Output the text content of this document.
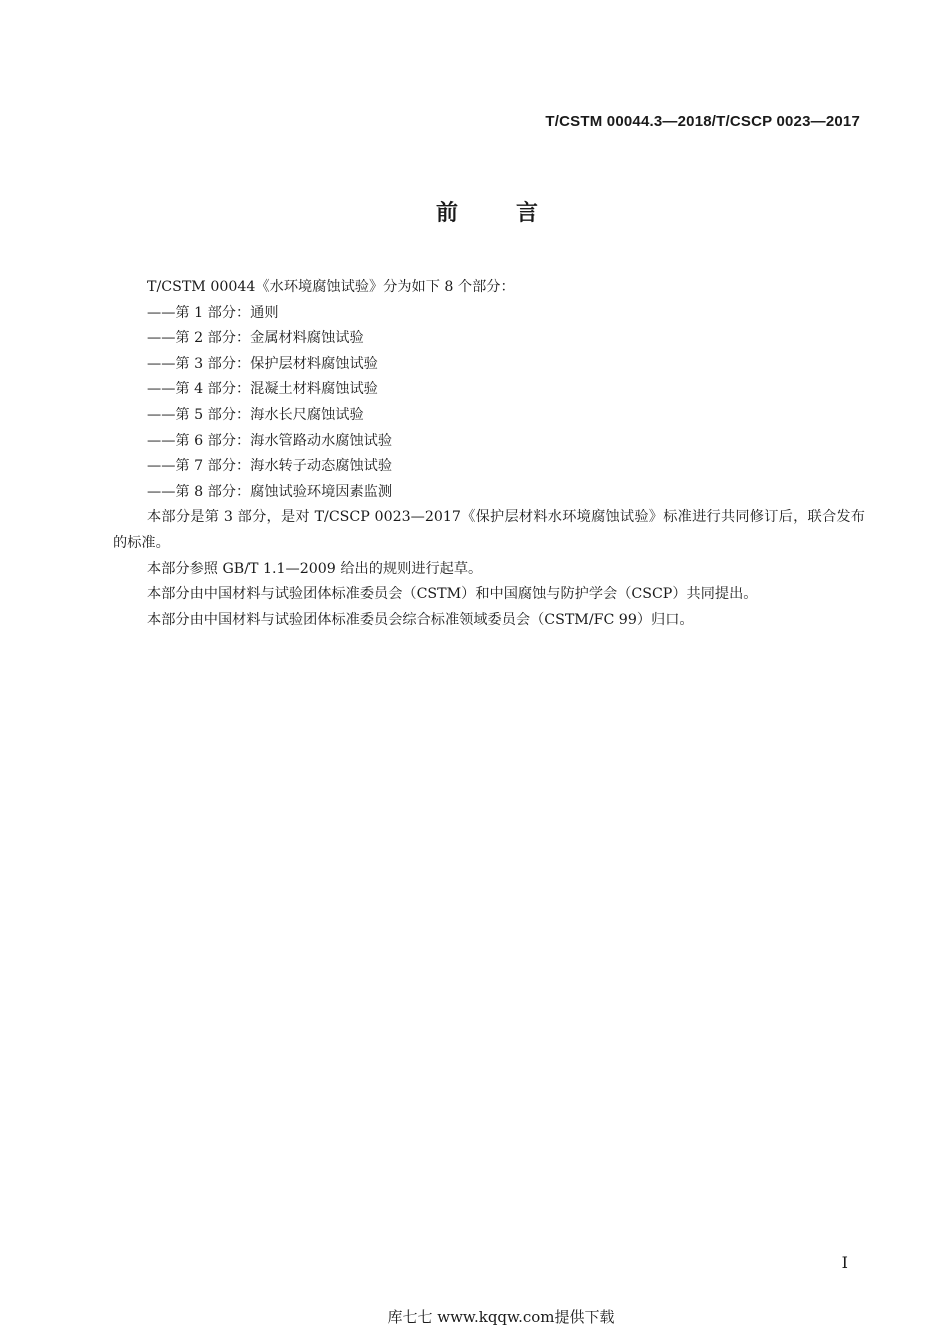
T/CSTM 00044.3—2018/T/CSCP 0023—2017
前言

T/CSTM 00044《水环境腐蚀试验》分为如下 8 个部分：

——第 1 部分：通则

——第 2 部分：金属材料腐蚀试验

——第 3 部分：保护层材料腐蚀试验

——第 4 部分：混凝土材料腐蚀试验

——第 5 部分：海水长尺腐蚀试验

——第 6 部分：海水管路动水腐蚀试验

——第 7 部分：海水转子动态腐蚀试验

——第 8 部分：腐蚀试验环境因素监测

本部分是第 3 部分，是对 T/CSCP 0023—2017《保护层材料水环境腐蚀试验》标准进行共同修订后，联合发布的标准。

本部分参照 GB/T 1.1—2009 给出的规则进行起草。

本部分由中国材料与试验团体标准委员会（CSTM）和中国腐蚀与防护学会（CSCP）共同提出。

本部分由中国材料与试验团体标准委员会综合标准领域委员会（CSTM/FC 99）归口。

I
库七七 www.kqqw.com提供下载
